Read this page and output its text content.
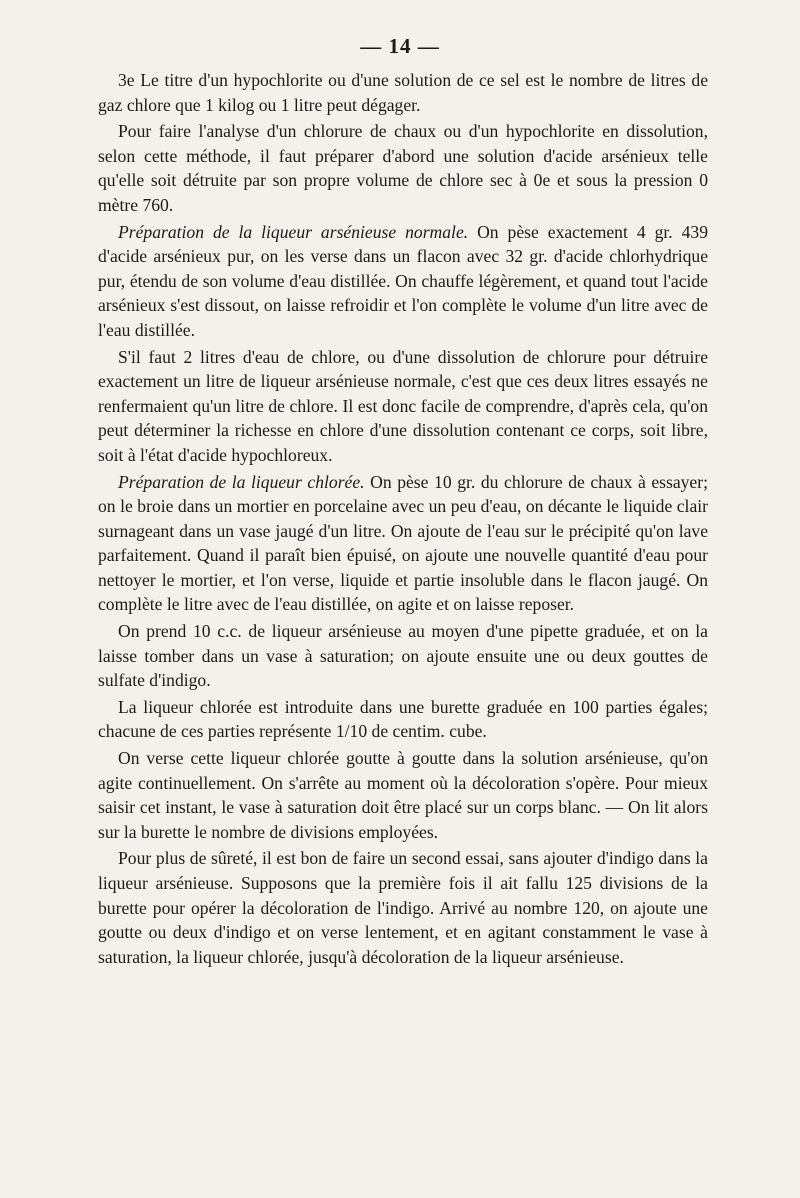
— 14 —

3e Le titre d'un hypochlorite ou d'une solution de ce sel est le nombre de litres de gaz chlore que 1 kilog ou 1 litre peut dégager.

Pour faire l'analyse d'un chlorure de chaux ou d'un hypochlorite en dissolution, selon cette méthode, il faut préparer d'abord une solution d'acide arsénieux telle qu'elle soit détruite par son propre volume de chlore sec à 0e et sous la pression 0 mètre 760.

Préparation de la liqueur arsénieuse normale. On pèse exactement 4 gr. 439 d'acide arsénieux pur, on les verse dans un flacon avec 32 gr. d'acide chlorhydrique pur, étendu de son volume d'eau distillée. On chauffe légèrement, et quand tout l'acide arsénieux s'est dissout, on laisse refroidir et l'on complète le volume d'un litre avec de l'eau distillée.

S'il faut 2 litres d'eau de chlore, ou d'une dissolution de chlorure pour détruire exactement un litre de liqueur arsénieuse normale, c'est que ces deux litres essayés ne renfermaient qu'un litre de chlore. Il est donc facile de comprendre, d'après cela, qu'on peut déterminer la richesse en chlore d'une dissolution contenant ce corps, soit libre, soit à l'état d'acide hypochloreux.

Préparation de la liqueur chlorée. On pèse 10 gr. du chlorure de chaux à essayer; on le broie dans un mortier en porcelaine avec un peu d'eau, on décante le liquide clair surnageant dans un vase jaugé d'un litre. On ajoute de l'eau sur le précipité qu'on lave parfaitement. Quand il paraît bien épuisé, on ajoute une nouvelle quantité d'eau pour nettoyer le mortier, et l'on verse, liquide et partie insoluble dans le flacon jaugé. On complète le litre avec de l'eau distillée, on agite et on laisse reposer.

On prend 10 c.c. de liqueur arsénieuse au moyen d'une pipette graduée, et on la laisse tomber dans un vase à saturation; on ajoute ensuite une ou deux gouttes de sulfate d'indigo.

La liqueur chlorée est introduite dans une burette graduée en 100 parties égales; chacune de ces parties représente 1/10 de centim. cube.

On verse cette liqueur chlorée goutte à goutte dans la solution arsénieuse, qu'on agite continuellement. On s'arrête au moment où la décoloration s'opère. Pour mieux saisir cet instant, le vase à saturation doit être placé sur un corps blanc. — On lit alors sur la burette le nombre de divisions employées.

Pour plus de sûreté, il est bon de faire un second essai, sans ajouter d'indigo dans la liqueur arsénieuse. Supposons que la première fois il ait fallu 125 divisions de la burette pour opérer la décoloration de l'indigo. Arrivé au nombre 120, on ajoute une goutte ou deux d'indigo et on verse lentement, et en agitant constamment le vase à saturation, la liqueur chlorée, jusqu'à décoloration de la liqueur arsénieuse.
